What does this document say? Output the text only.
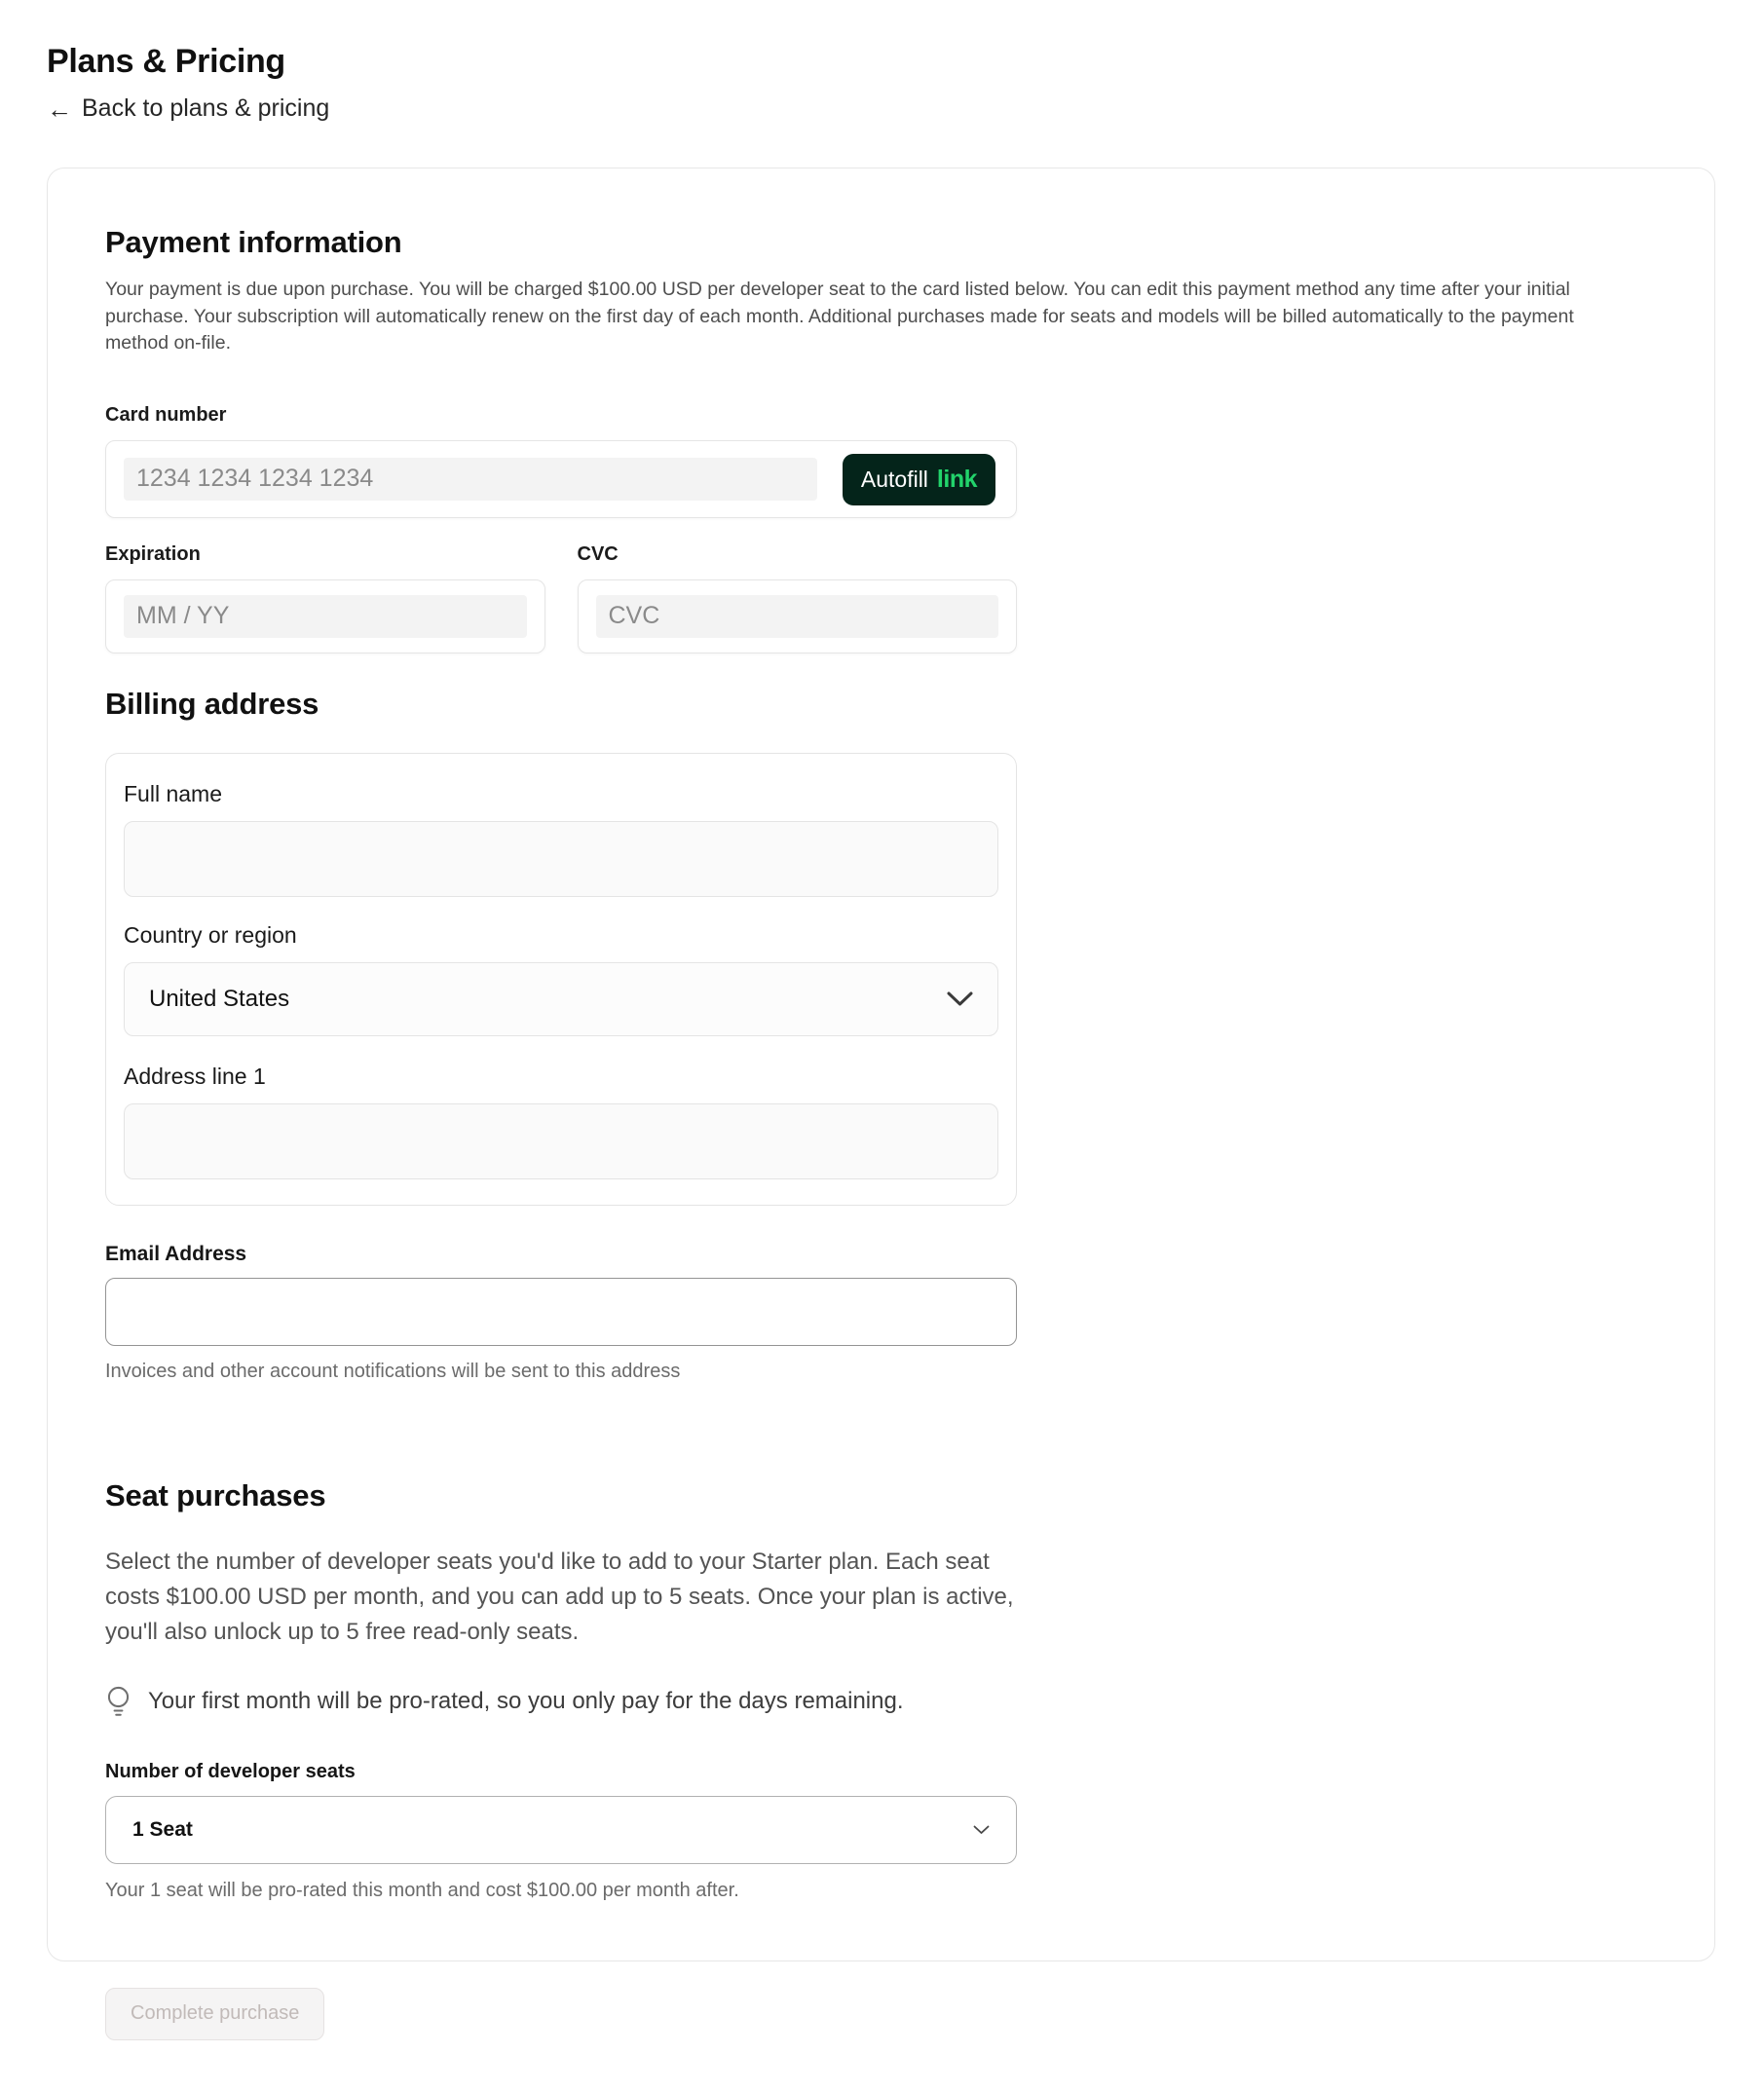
Plans & Pricing
← Back to plans & pricing
Payment information

Your payment is due upon purchase. You will be charged $100.00 USD per developer seat to the card listed below. You can edit this payment method any time after your initial purchase. Your subscription will automatically renew on the first day of each month. Additional purchases made for seats and models will be billed automatically to the payment method on-file.

Card number
1234 1234 1234 1234	Autofill link
Expiration
MM / YY
CVC
CVC
Billing address
Full name
Country or region
United States
Address line 1
Email Address

Invoices and other account notifications will be sent to this address

Seat purchases

Select the number of developer seats you'd like to add to your Starter plan. Each seat costs $100.00 USD per month, and you can add up to 5 seats. Once your plan is active, you'll also unlock up to 5 free read-only seats.

Your first month will be pro-rated, so you only pay for the days remaining.
Number of developer seats
1 Seat

Your 1 seat will be pro-rated this month and cost $100.00 per month after.

Complete purchase
